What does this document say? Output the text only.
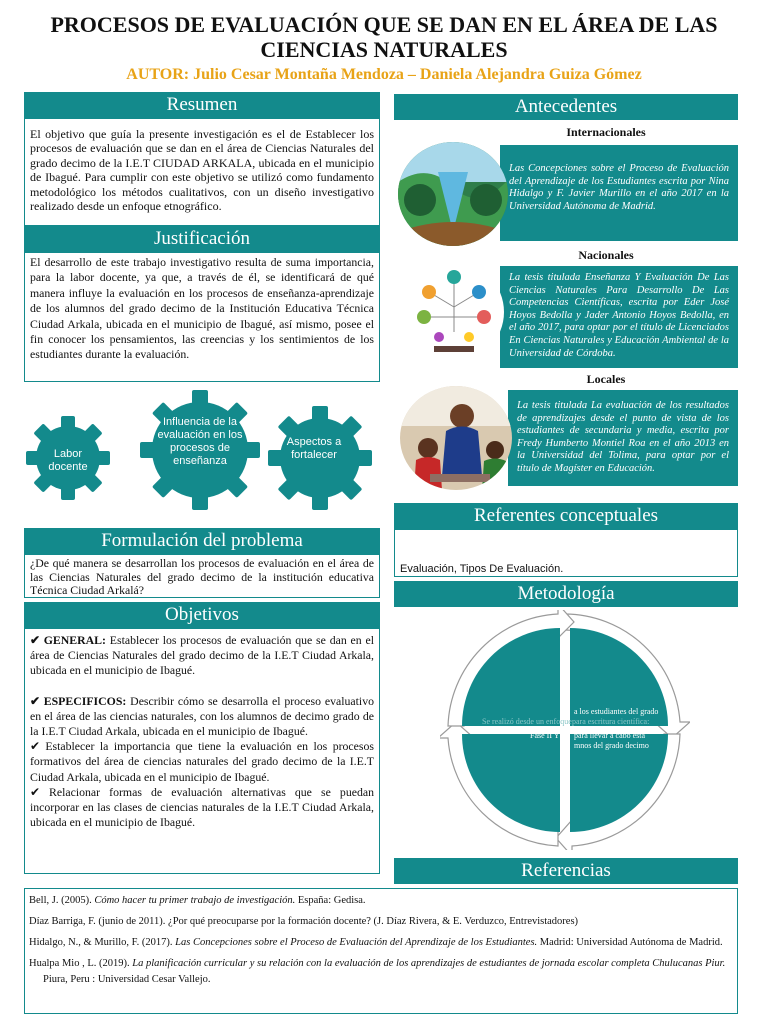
PROCESOS DE EVALUACIÓN QUE SE DAN EN EL ÁREA DE LAS CIENCIAS NATURALES
AUTOR: Julio Cesar Montaña Mendoza – Daniela Alejandra Guiza Gómez
Resumen
El objetivo que guía la presente investigación es el de Establecer los procesos de evaluación que se dan en el área de Ciencias Naturales del grado decimo de la I.E.T CIUDAD ARKALA, ubicada en el municipio de Ibagué. Para cumplir con este objetivo se utilizó como fundamento metodológico los métodos cualitativos, con un diseño investigativo realizado desde un enfoque etnográfico.
Justificación
El desarrollo de este trabajo investigativo resulta de suma importancia, para la labor docente, ya que, a través de él, se identificará de qué manera influye la evaluación en los procesos de enseñanza-aprendizaje de los alumnos del grado decimo de la Institución Educativa Técnica Ciudad Arkala, ubicada en el municipio de Ibagué, así mismo, posee el fin conocer los pensamientos, las creencias y los sentimientos de los estudiantes durante la evaluación.
Labor docente
Influencia de la evaluación en los procesos de enseñanza
Aspectos a fortalecer
Formulación del problema
¿De qué manera se desarrollan los procesos de evaluación en el área de las Ciencias Naturales del grado decimo de la institución educativa Técnica Ciudad Arkalá?
Objetivos

✔ GENERAL: Establecer los procesos de evaluación que se dan en el área de Ciencias Naturales del grado decimo de la I.E.T Ciudad Arkala, ubicada en el municipio de Ibagué.

✔ ESPECIFICOS: Describir cómo se desarrolla el proceso evaluativo en el área de las ciencias naturales, con los alumnos de decimo grado de la I.E.T Ciudad Arkala, ubicada en el municipio de Ibagué.

✔ Establecer la importancia que tiene la evaluación en los procesos formativos del área de ciencias naturales del grado decimo de la I.E.T Ciudad Arkala, ubicada en el municipio de Ibagué.

✔ Relacionar formas de evaluación alternativas que se puedan incorporar en las clases de ciencias naturales de la I.E.T Ciudad Arkala, ubicada en el municipio de Ibagué.

Antecedentes
Internacionales
Las Concepciones sobre el Proceso de Evaluación del Aprendizaje de los Estudiantes escrita por Nina Hidalgo y F. Javier Murillo en el año 2017 en la Universidad Autónoma de Madrid.
Nacionales
La tesis titulada Enseñanza Y Evaluación De Las Ciencias Naturales Para Desarrollo De Las Competencias Científicas, escrita por Eder José Hoyos Bedolla y Jader Antonio Hoyos Bedolla, en el año 2017, para optar por el título de Licenciados En Ciencias Naturales y Educación Ambiental de la Universidad de Córdoba.
Locales
La tesis titulada La evaluación de los resultados de aprendizajes desde el punto de vista de los estudiantes de secundaria y media, escrita por Fredy Humberto Montiel Roa en el año 2013 en la Universidad del Tolima, para optar por el título de Magíster en Educación.
Referentes conceptuales
Evaluación, Tipos De Evaluación.
Metodología
a los estudiantes del grado
Se realizó desde un enfoque para escritura científica:
Fase II Y	para llevar a cabo esta
mnos del grado decimo
Referencias
Bell, J. (2005). Cómo hacer tu primer trabajo de investigación. España: Gedisa.
Díaz Barriga, F. (junio de 2011). ¿Por qué preocuparse por la formación docente? (J. Díaz Rivera, & E. Verduzco, Entrevistadores)
Hidalgo, N., & Murillo, F. (2017). Las Concepciones sobre el Proceso de Evaluación del Aprendizaje de los Estudiantes. Madrid: Universidad Autónoma de Madrid.
Hualpa Mio , L. (2019). La planificación curricular y su relación con la evaluación de los aprendizajes de estudiantes de jornada escolar completa Chulucanas Piur. Piura, Peru : Universidad Cesar Vallejo.
